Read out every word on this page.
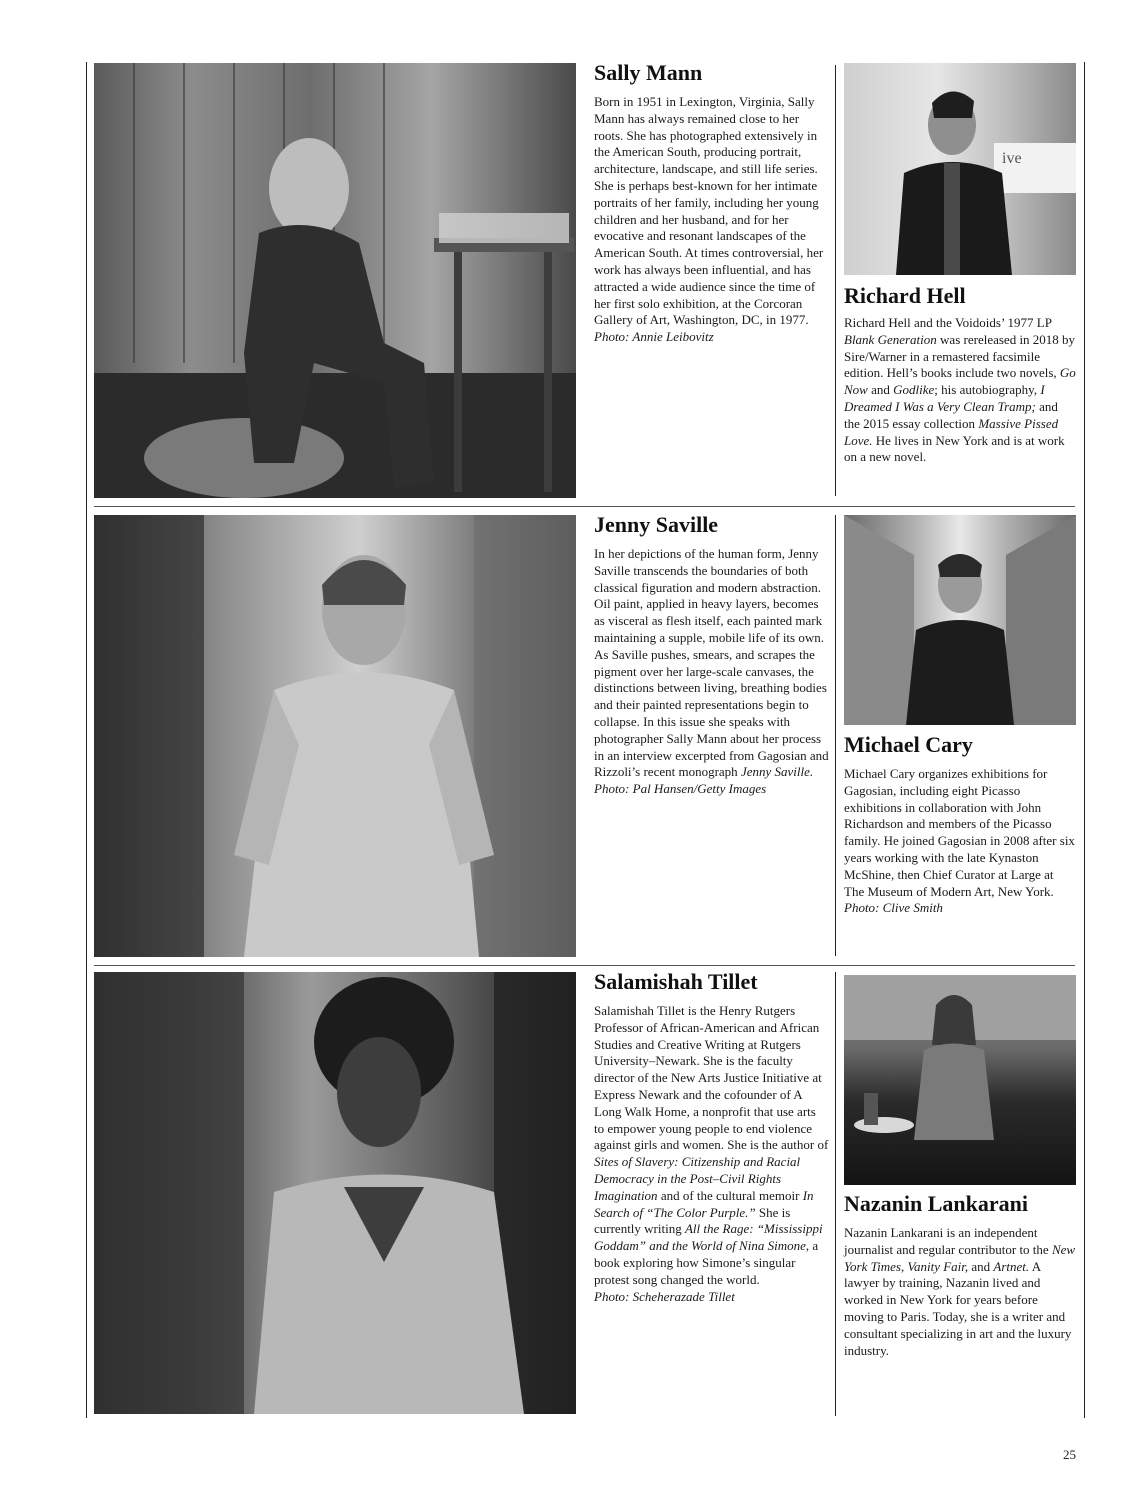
Sally Mann

Born in 1951 in Lexington, Virginia, Sally Mann has always remained close to her roots. She has photographed extensively in the American South, producing portrait, architecture, landscape, and still life series. She is perhaps best-known for her intimate portraits of her family, including her young children and her husband, and for her evocative and resonant landscapes of the American South. At times controversial, her work has always been influential, and has attracted a wide audience since the time of her first solo exhibition, at the Corcoran Gallery of Art, Washington, DC, in 1977.
Photo: Annie Leibovitz

ive
Richard Hell

Richard Hell and the Voidoids’ 1977 LP Blank Generation was rereleased in 2018 by Sire/Warner in a remastered facsimile edition. Hell’s books include two novels, Go Now and Godlike; his autobiography, I Dreamed I Was a Very Clean Tramp; and the 2015 essay collection Massive Pissed Love. He lives in New York and is at work on a new novel.

Jenny Saville

In her depictions of the human form, Jenny Saville transcends the boundaries of both classical figuration and modern abstraction. Oil paint, applied in heavy layers, becomes as visceral as flesh itself, each painted mark maintaining a supple, mobile life of its own. As Saville pushes, smears, and scrapes the pigment over her large-scale canvases, the distinctions between living, breathing bodies and their painted representations begin to collapse. In this issue she speaks with photographer Sally Mann about her process in an interview excerpted from Gagosian and Rizzoli’s recent monograph Jenny Saville.
Photo: Pal Hansen/Getty Images

Michael Cary

Michael Cary organizes exhibitions for Gagosian, including eight Picasso exhibitions in collaboration with John Richardson and members of the Picasso family. He joined Gagosian in 2008 after six years working with the late Kynaston McShine, then Chief Curator at Large at The Museum of Modern Art, New York.
Photo: Clive Smith

Salamishah Tillet

Salamishah Tillet is the Henry Rutgers Professor of African-American and African Studies and Creative Writing at Rutgers University–Newark. She is the faculty director of the New Arts Justice Initiative at Express Newark and the cofounder of A Long Walk Home, a nonprofit that use arts to empower young people to end violence against girls and women. She is the author of Sites of Slavery: Citizenship and Racial Democracy in the Post–Civil Rights Imagination and of the cultural memoir In Search of “The Color Purple.” She is currently writing All the Rage: “Mississippi Goddam” and the World of Nina Simone, a book exploring how Simone’s singular protest song changed the world.
Photo: Scheherazade Tillet

Nazanin Lankarani

Nazanin Lankarani is an independent journalist and regular contributor to the New York Times, Vanity Fair, and Artnet. A lawyer by training, Nazanin lived and worked in New York for years before moving to Paris. Today, she is a writer and consultant specializing in art and the luxury industry.

25
